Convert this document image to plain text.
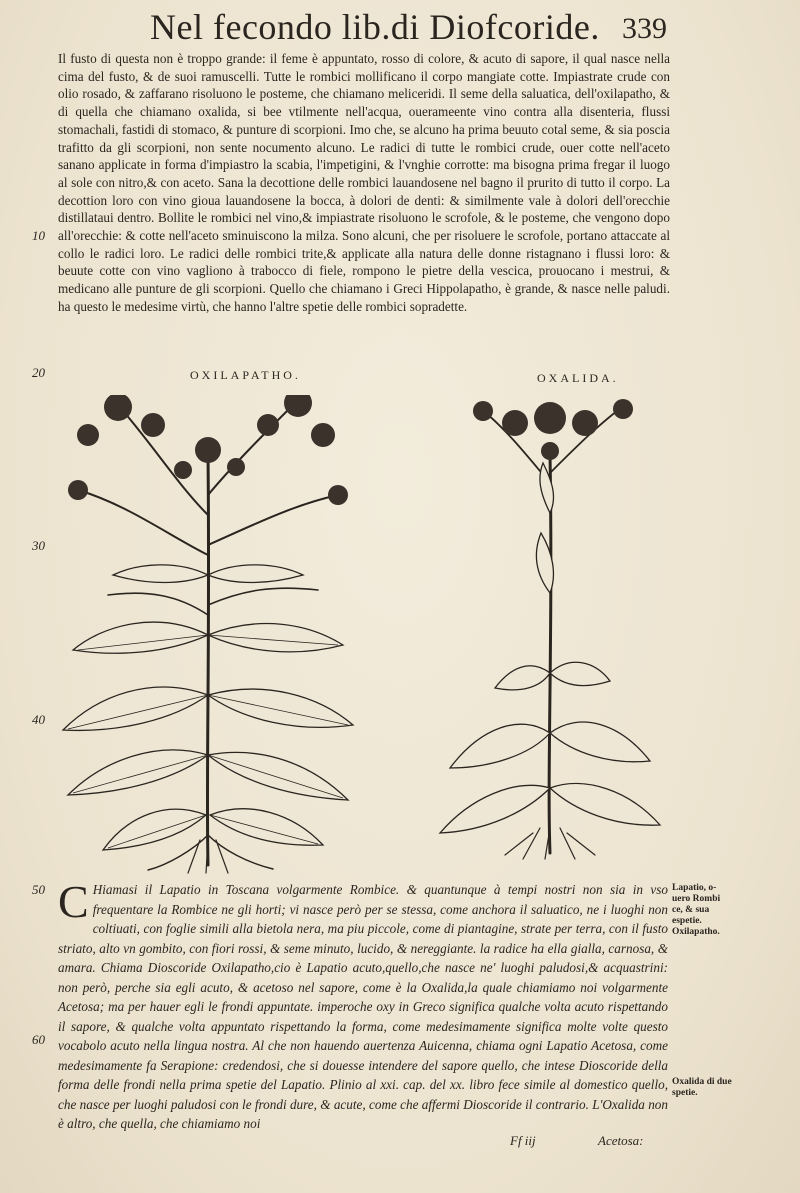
Nel fecondo lib.di Diofcoride. 339

Il fusto di questa non è troppo grande: il feme è appuntato, rosso di colore, & acuto di sapore, il qual nasce nella cima del fusto, & de suoi ramuscelli. Tutte le rombici mollificano il corpo mangiate cotte. Impiastrate crude con olio rosado, & zaffarano risoluono le posteme, che chiamano meliceridi. Il seme della saluatica, dell'oxilapatho, & di quella che chiamano oxalida, si bee vtilmente nell'acqua, ouerameente vino contra alla disenteria, flussi stomachali, fastidi di stomaco, & punture di scorpioni. Imo che, se alcuno ha prima beuuto cotal seme, & sia poscia trafitto da gli scorpioni, non sente nocumento alcuno. Le radici di tutte le rombici crude, ouer cotte nell'aceto sanano applicate in forma d'impiastro la scabia, l'impetigini, & l'vnghie corrotte: ma bisogna prima fregar il luogo al sole con nitro,& con aceto. Sana la decottione delle rombici lauandosene nel bagno il prurito di tutto il corpo. La decottion loro con vino gioua lauandosene la bocca, à dolori de denti: & similmente vale à dolori dell'orecchie distillataui dentro. Bollite le rombici nel vino,& impiastrate risoluono le scrofole, & le posteme, che vengono dopo all'orecchie: & cotte nell'aceto sminuiscono la milza. Sono alcuni, che per risoluere le scrofole, portano attaccate al collo le radici loro. Le radici delle rombici trite,& applicate alla natura delle donne ristagnano i flussi loro: & beuute cotte con vino vagliono à trabocco di fiele, rompono le pietre della vescica, prouocano i mestrui, & medicano alle punture de gli scorpioni. Quello che chiamano i Greci Hippolapatho, è grande, & nasce nelle paludi. ha questo le medesime virtù, che hanno l'altre spetie delle rombici sopradette.

10
20
30
40
50
60
OXILAPATHO.	OXALIDA.
C Hiamasi il Lapatio in Toscana volgarmente Rombice. & quantunque à tempi nostri non sia in vso frequentare la Rombice ne gli horti; vi nasce però per se stessa, come anchora il saluatico, ne i luoghi non coltiuati, con foglie simili alla bietola nera, ma piu piccole, come di piantagine, strate per terra, con il fusto striato, alto vn gombito, con fiori rossi, & seme minuto, lucido, & nereggiante. la radice ha ella gialla, carnosa, & amara. Chiama Dioscoride Oxilapatho,cio è Lapatio acuto,quello,che nasce ne' luoghi paludosi,& acquastrini: non però, perche sia egli acuto, & acetoso nel sapore, come è la Oxalida,la quale chiamiamo noi volgarmente Acetosa; ma per hauer egli le frondi appuntate. imperoche oxy in Greco significa qualche volta acuto rispettando il sapore, & qualche volta appuntato rispettando la forma, come medesimamente significa molte volte questo vocabolo acuto nella lingua nostra. Al che non hauendo auertenza Auicenna, chiama ogni Lapatio Acetosa, come medesimamente fa Serapione: credendosi, che si douesse intendere del sapore quello, che intese Dioscoride della forma delle frondi nella prima spetie del Lapatio. Plinio al xxi. cap. del xx. libro fece simile al domestico quello, che nasce per luoghi paludosi con le frondi dure, & acute, come che affermi Dioscoride il contrario. L'Oxalida non è altro, che quella, che chiamiamo noi
Lapatio, o-uero Rombi ce, & sua espetie. Oxilapatho.
Oxalida di due spetie.
Ff iij	Acetosa:
